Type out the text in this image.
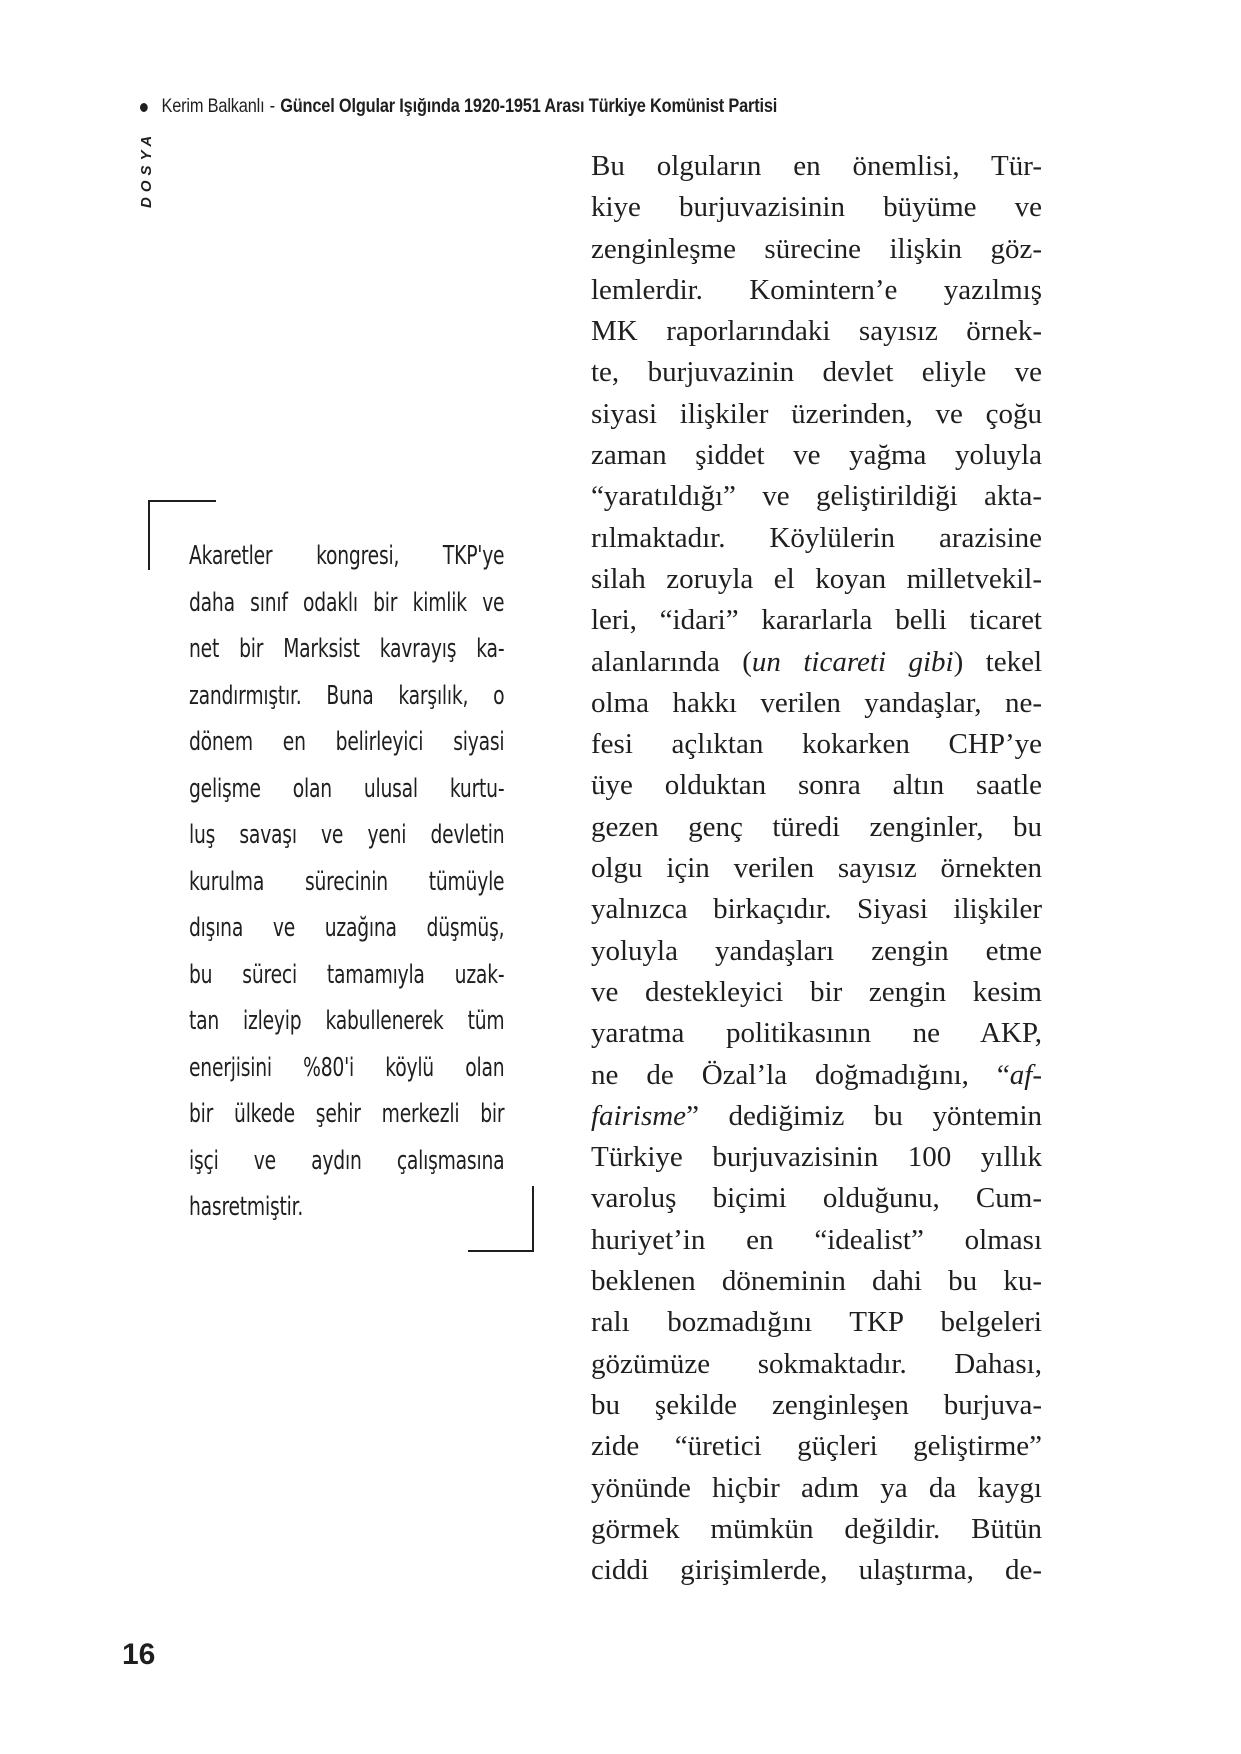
Kerim Balkanlı - Güncel Olgular Işığında 1920-1951 Arası Türkiye Komünist Partisi
DOSYA
Akaretler kongresi, TKP'ye
daha sınıf odaklı bir kimlik ve
net bir Marksist kavrayış ka-
zandırmıştır. Buna karşılık, o
dönem en belirleyici siyasi
gelişme olan ulusal kurtu-
luş savaşı ve yeni devletin
kurulma sürecinin tümüyle
dışına ve uzağına düşmüş,
bu süreci tamamıyla uzak-
tan izleyip kabullenerek tüm
enerjisini %80'i köylü olan
bir ülkede şehir merkezli bir
işçi ve aydın çalışmasına
hasretmiştir.
Bu olguların en önemlisi, Tür-
kiye burjuvazisinin büyüme ve
zenginleşme sürecine ilişkin göz-
lemlerdir. Komintern’e yazılmış
MK raporlarındaki sayısız örnek-
te, burjuvazinin devlet eliyle ve
siyasi ilişkiler üzerinden, ve çoğu
zaman şiddet ve yağma yoluyla
“yaratıldığı” ve geliştirildiği akta-
rılmaktadır. Köylülerin arazisine
silah zoruyla el koyan milletvekil-
leri, “idari” kararlarla belli ticaret
alanlarında (un ticareti gibi) tekel
olma hakkı verilen yandaşlar, ne-
fesi açlıktan kokarken CHP’ye
üye olduktan sonra altın saatle
gezen genç türedi zenginler, bu
olgu için verilen sayısız örnekten
yalnızca birkaçıdır. Siyasi ilişkiler
yoluyla yandaşları zengin etme
ve destekleyici bir zengin kesim
yaratma politikasının ne AKP,
ne de Özal’la doğmadığını, “af-
fairisme” dediğimiz bu yöntemin
Türkiye burjuvazisinin 100 yıllık
varoluş biçimi olduğunu, Cum-
huriyet’in en “idealist” olması
beklenen döneminin dahi bu ku-
ralı bozmadığını TKP belgeleri
gözümüze sokmaktadır. Dahası,
bu şekilde zenginleşen burjuva-
zide “üretici güçleri geliştirme”
yönünde hiçbir adım ya da kaygı
görmek mümkün değildir. Bütün
ciddi girişimlerde, ulaştırma, de-
16
